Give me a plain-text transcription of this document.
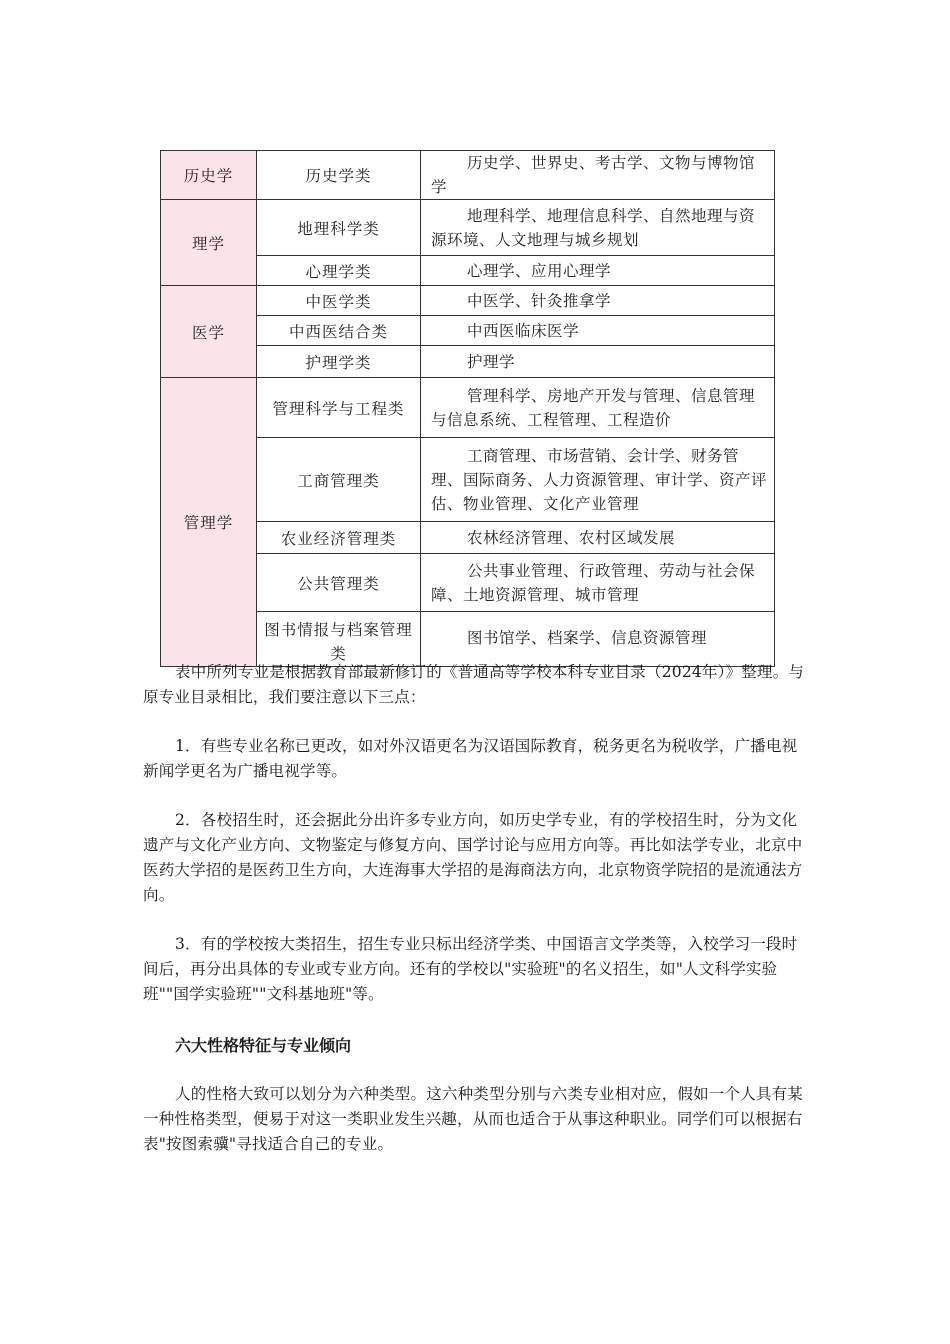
历史学	历史学类	历史学、世界史、考古学、文物与博物馆学

理学	地理科学类	地理科学、地理信息科学、自然地理与资源环境、人文地理与城乡规划

	心理学类	心理学、应用心理学

医学	中医学类	中医学、针灸推拿学

	中西医结合类	中西医临床医学

	护理学类	护理学

管理学	管理科学与工程类	管理科学、房地产开发与管理、信息管理与信息系统、工程管理、工程造价

	工商管理类	工商管理、市场营销、会计学、财务管理、国际商务、人力资源管理、审计学、资产评估、物业管理、文化产业管理

	农业经济管理类	农林经济管理、农村区域发展

	公共管理类	公共事业管理、行政管理、劳动与社会保障、土地资源管理、城市管理

	图书情报与档案管理类	图书馆学、档案学、信息资源管理

表中所列专业是根据教育部最新修订的《普通高等学校本科专业目录（2024年）》整理。与原专业目录相比，我们要注意以下三点：

1．有些专业名称已更改，如对外汉语更名为汉语国际教育，税务更名为税收学，广播电视新闻学更名为广播电视学等。

2．各校招生时，还会据此分出许多专业方向，如历史学专业，有的学校招生时，分为文化遗产与文化产业方向、文物鉴定与修复方向、国学讨论与应用方向等。再比如法学专业，北京中医药大学招的是医药卫生方向，大连海事大学招的是海商法方向，北京物资学院招的是流通法方向。

3．有的学校按大类招生，招生专业只标出经济学类、中国语言文学类等，入校学习一段时间后，再分出具体的专业或专业方向。还有的学校以"实验班"的名义招生，如"人文科学实验班""国学实验班""文科基地班"等。

六大性格特征与专业倾向

人的性格大致可以划分为六种类型。这六种类型分别与六类专业相对应，假如一个人具有某一种性格类型，便易于对这一类职业发生兴趣，从而也适合于从事这种职业。同学们可以根据右表"按图索骥"寻找适合自己的专业。
